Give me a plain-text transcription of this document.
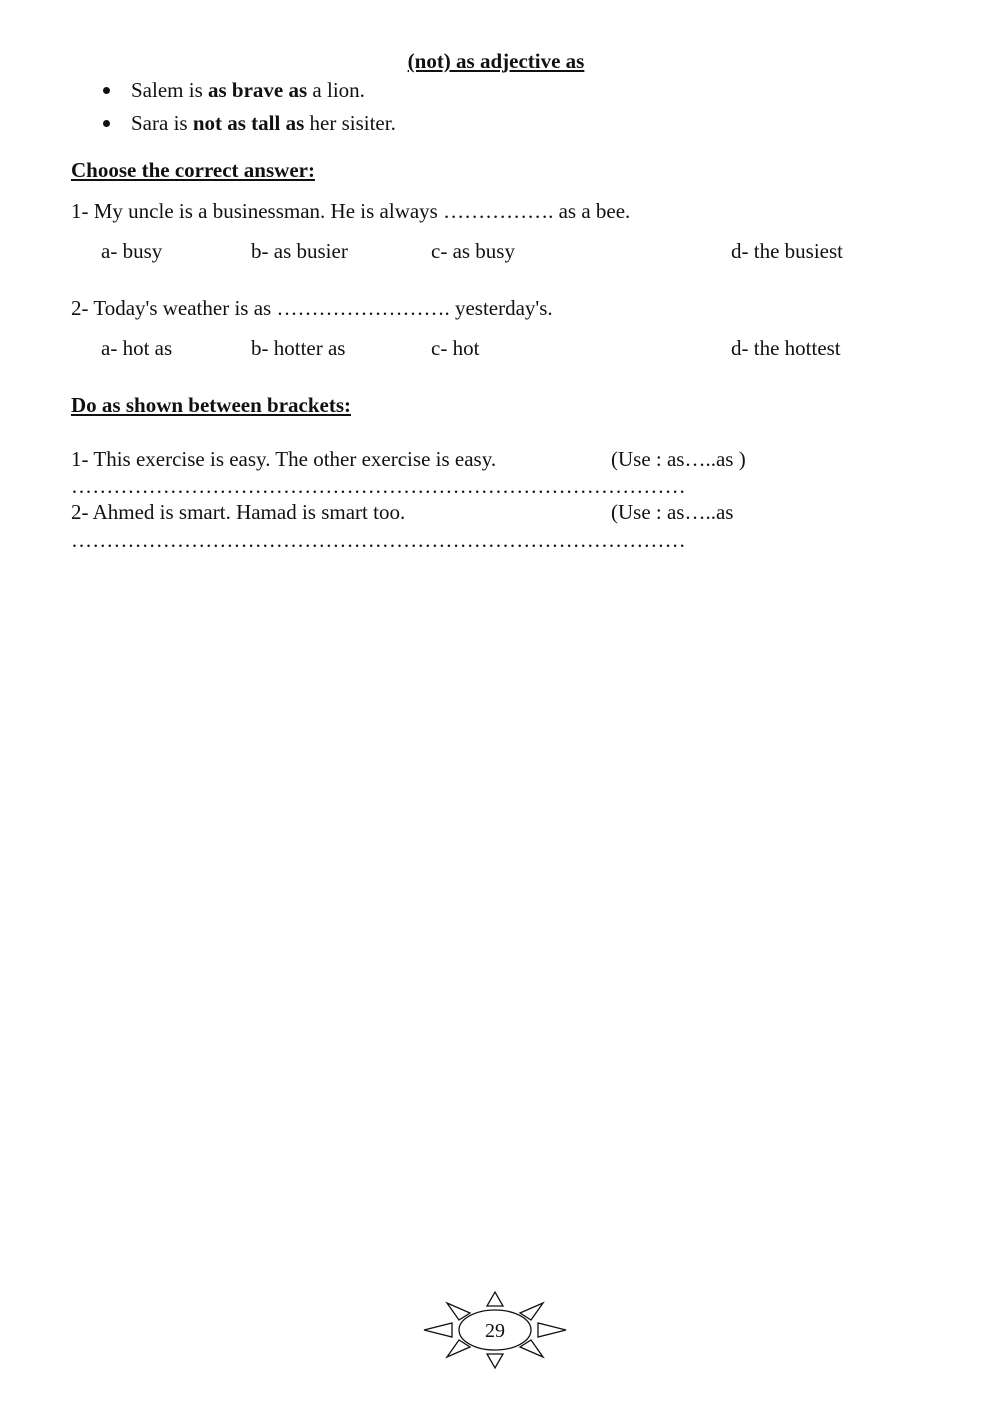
(not) as adjective as
Salem is as brave as a lion.
Sara is not as tall as her sisiter.
Choose the correct answer:
1- My uncle is a businessman. He is always ……………. as a bee.
a- busy	b- as busier	c- as busy	d- the busiest
2- Today's weather is as ……………………. yesterday's.
a- hot as	b- hotter as	c- hot	d- the hottest
Do as shown between brackets:
1- This exercise is easy. The other exercise is easy.	(Use : as…..as )
……………………………………………………………………………
2- Ahmed is smart. Hamad is smart too.	(Use : as…..as
……………………………………………………………………………
29
